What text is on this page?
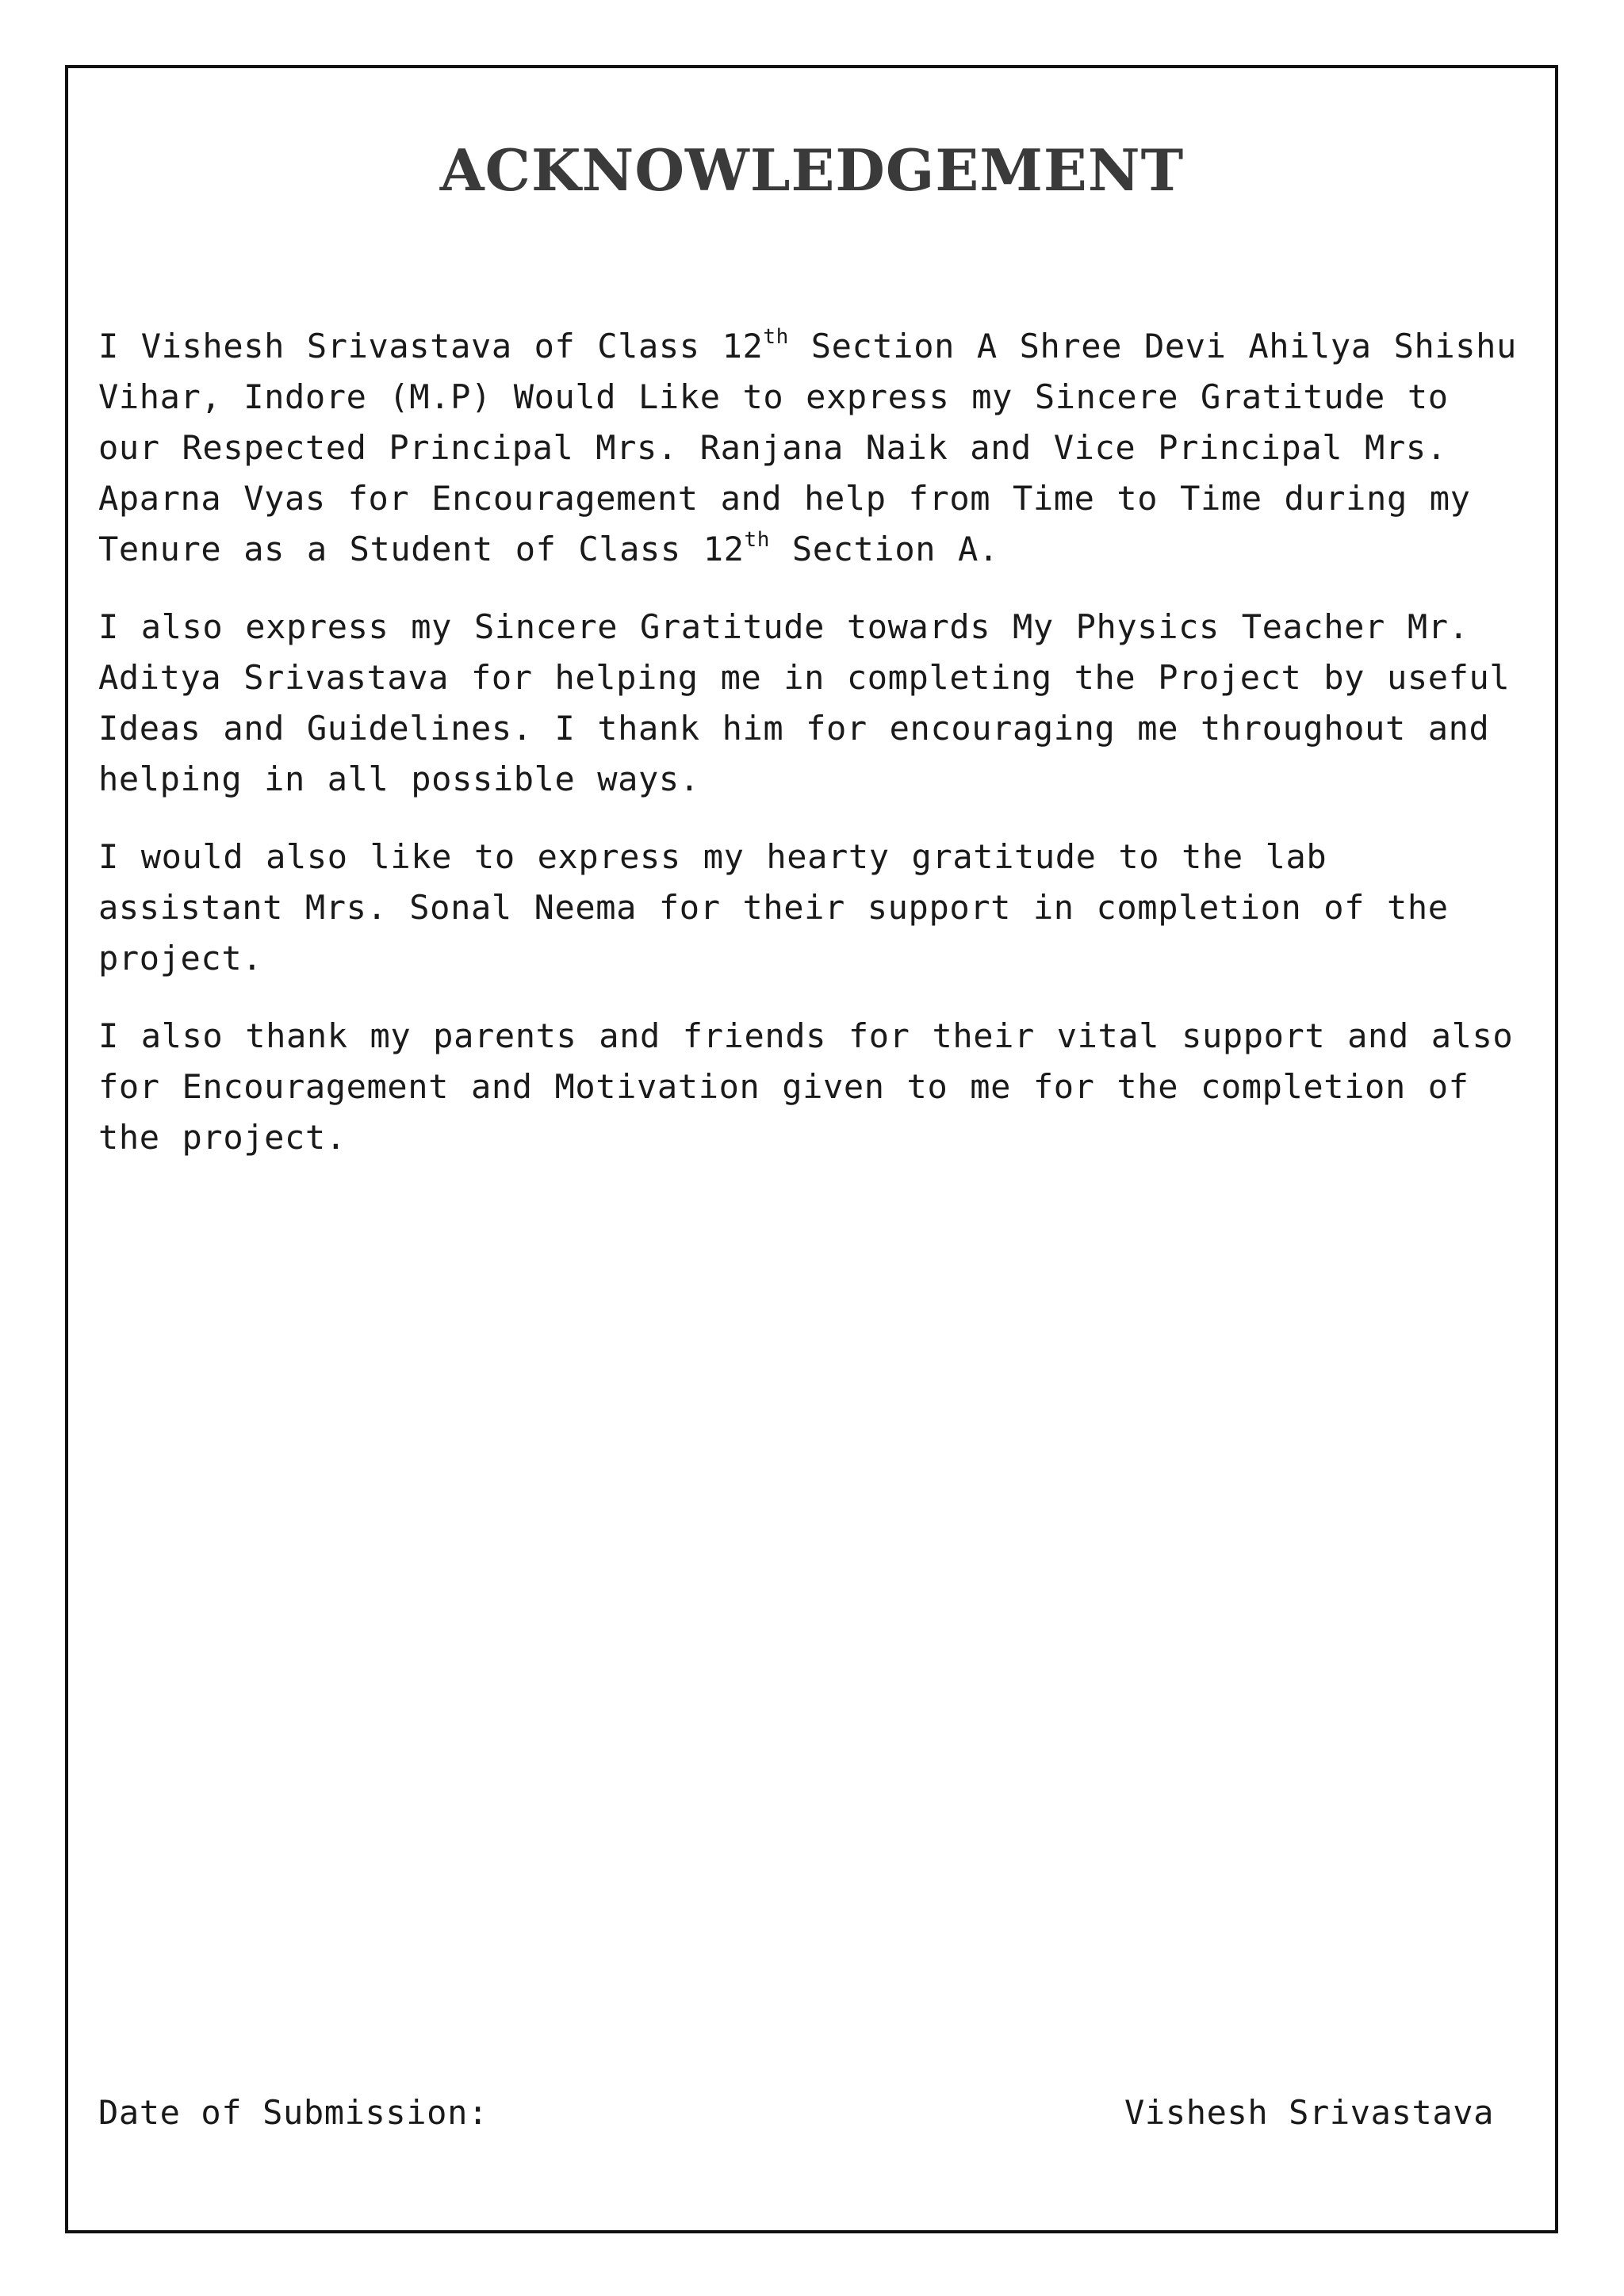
ACKNOWLEDGEMENT

I Vishesh Srivastava of Class 12th Section A Shree Devi Ahilya Shishu Vihar, Indore (M.P) Would Like to express my Sincere Gratitude to our Respected Principal Mrs. Ranjana Naik and Vice Principal Mrs. Aparna Vyas for Encouragement and help from Time to Time during my Tenure as a Student of Class 12th Section A.

I also express my Sincere Gratitude towards My Physics Teacher Mr. Aditya Srivastava for helping me in completing the Project by useful Ideas and Guidelines. I thank him for encouraging me throughout and helping in all possible ways.

I would also like to express my hearty gratitude to the lab assistant Mrs. Sonal Neema for their support in completion of the project.

I also thank my parents and friends for their vital support and also for Encouragement and Motivation given to me for the completion of the project.

Date of Submission:	Vishesh Srivastava
